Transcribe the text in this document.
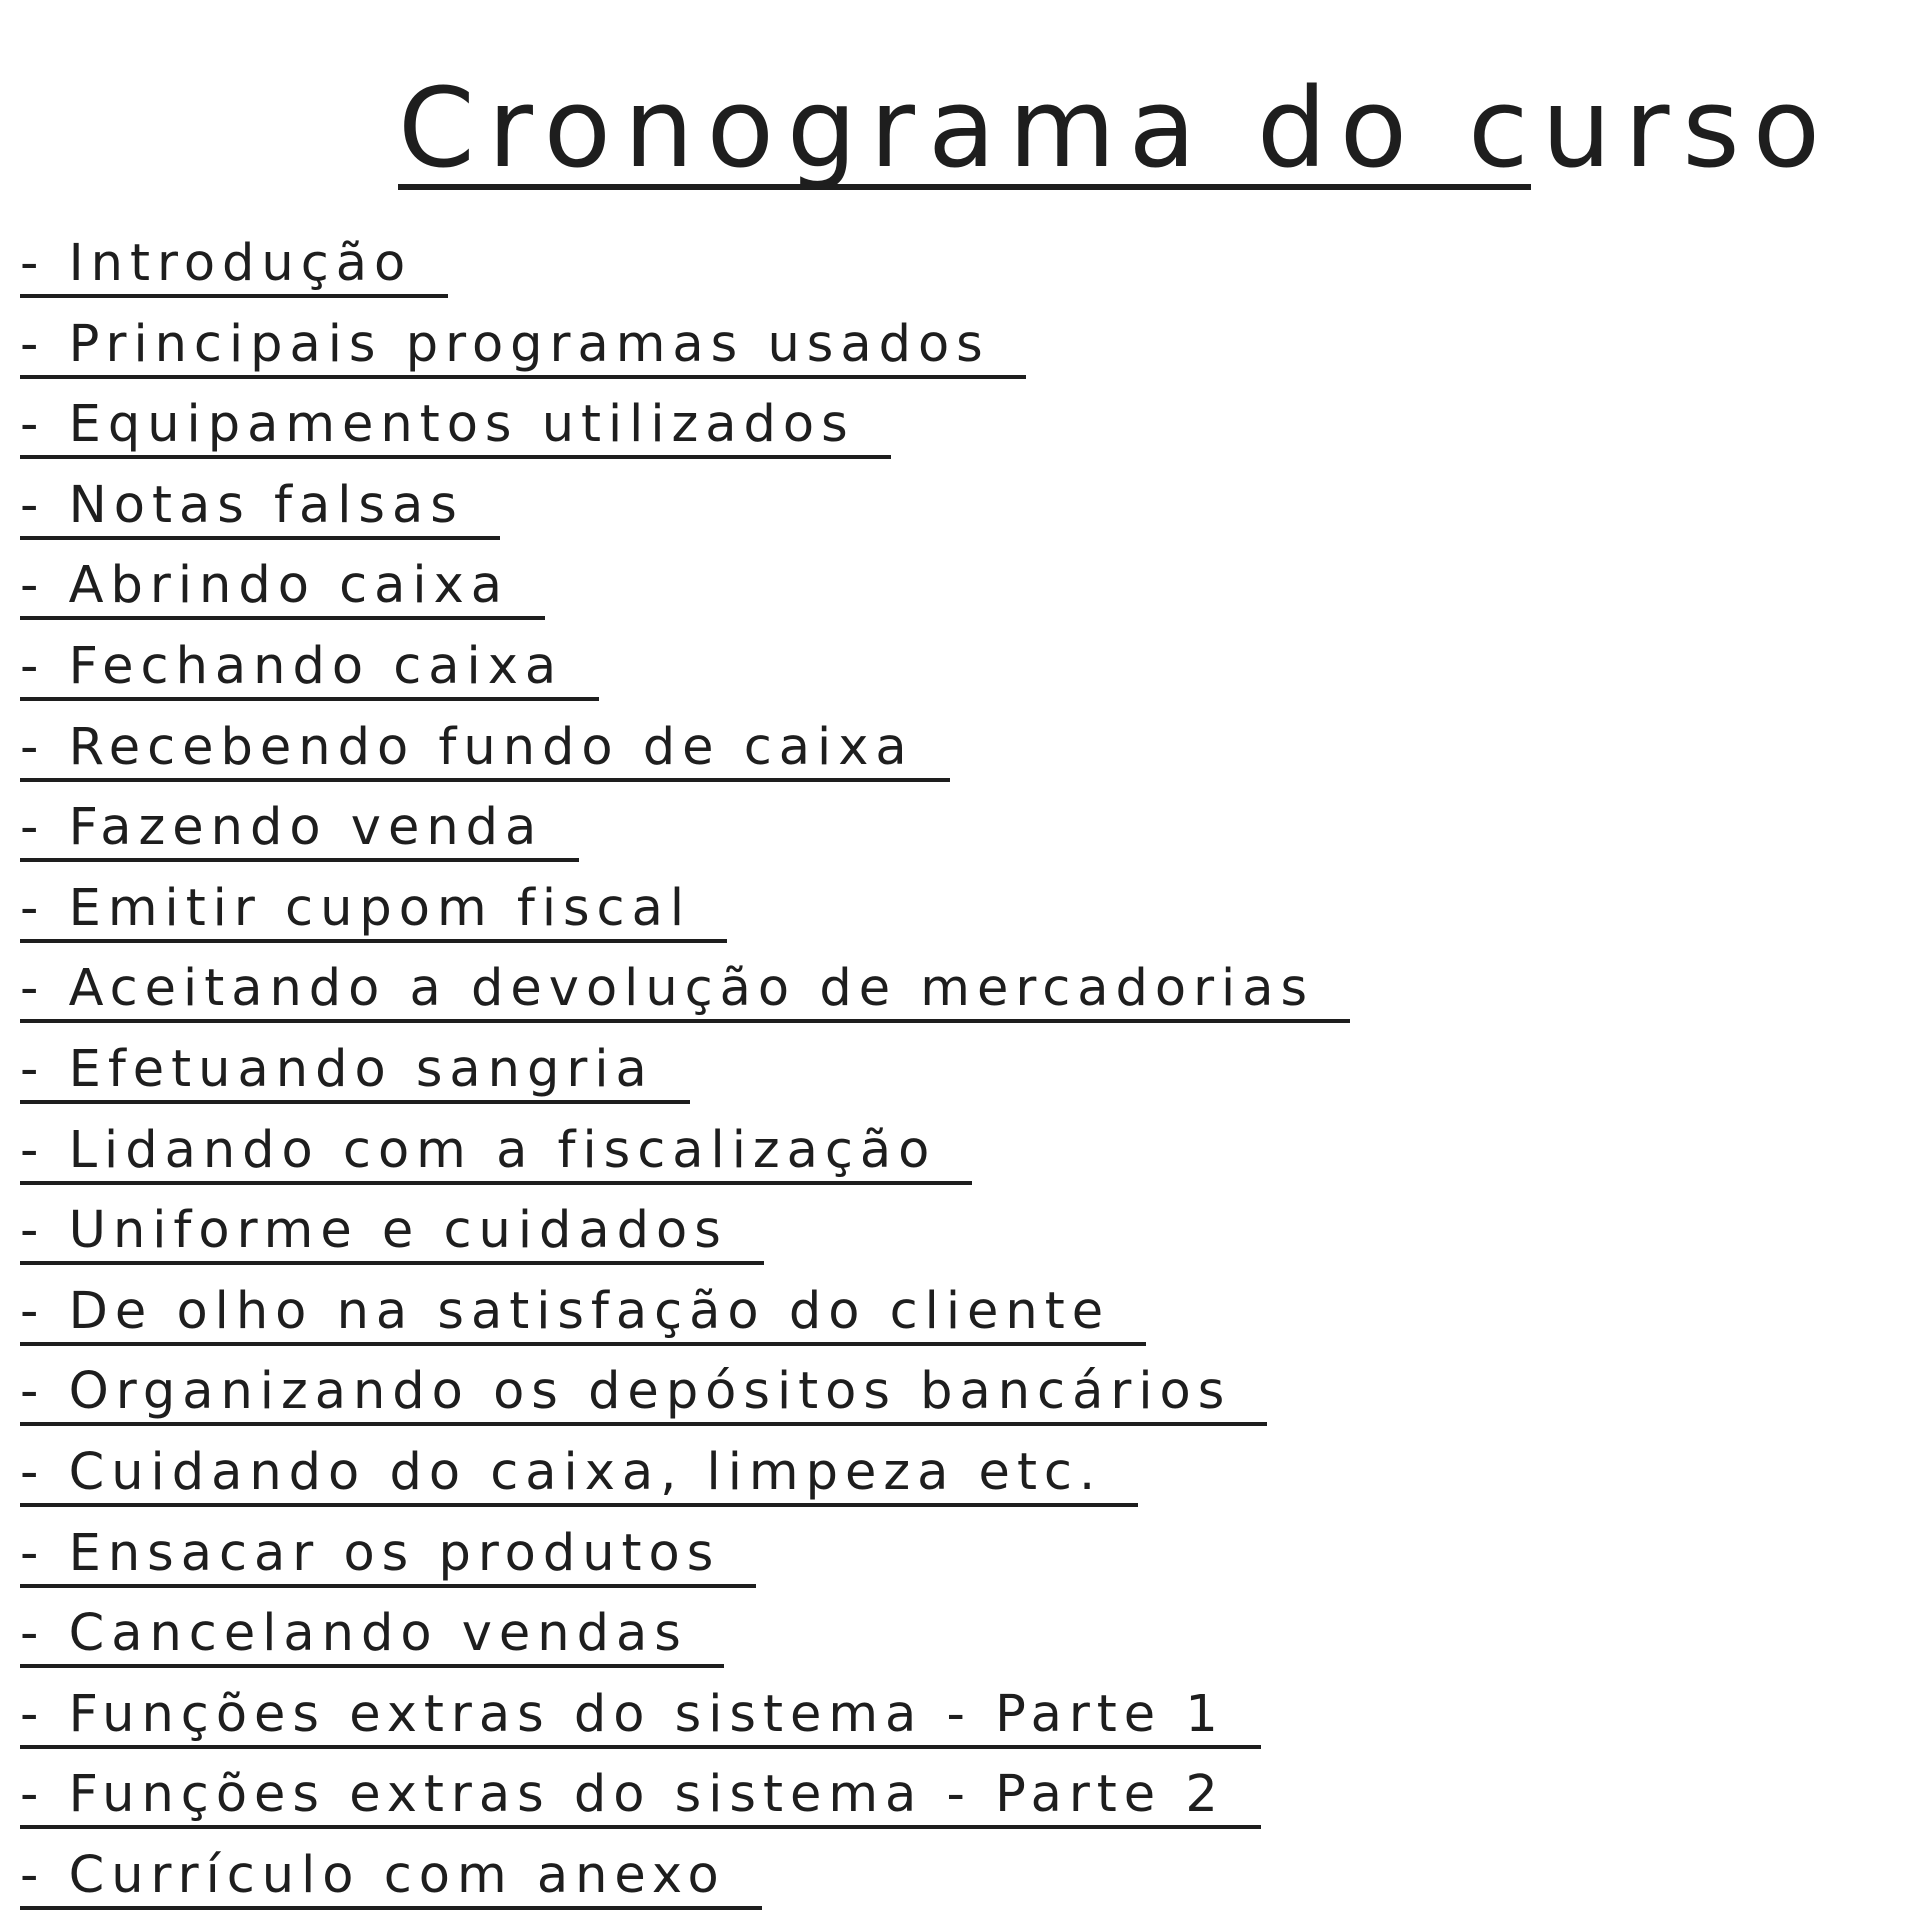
Cronograma do curso
- Introdução
- Principais programas usados
- Equipamentos utilizados
- Notas falsas
- Abrindo caixa
- Fechando caixa
- Recebendo fundo de caixa
- Fazendo venda
- Emitir cupom fiscal
- Aceitando a devolução de mercadorias
- Efetuando sangria
- Lidando com a fiscalização
- Uniforme e cuidados
- De olho na satisfação do cliente
- Organizando os depósitos bancários
- Cuidando do caixa, limpeza etc.
- Ensacar os produtos
- Cancelando vendas
- Funções extras do sistema - Parte 1
- Funções extras do sistema - Parte 2
- Currículo com anexo
